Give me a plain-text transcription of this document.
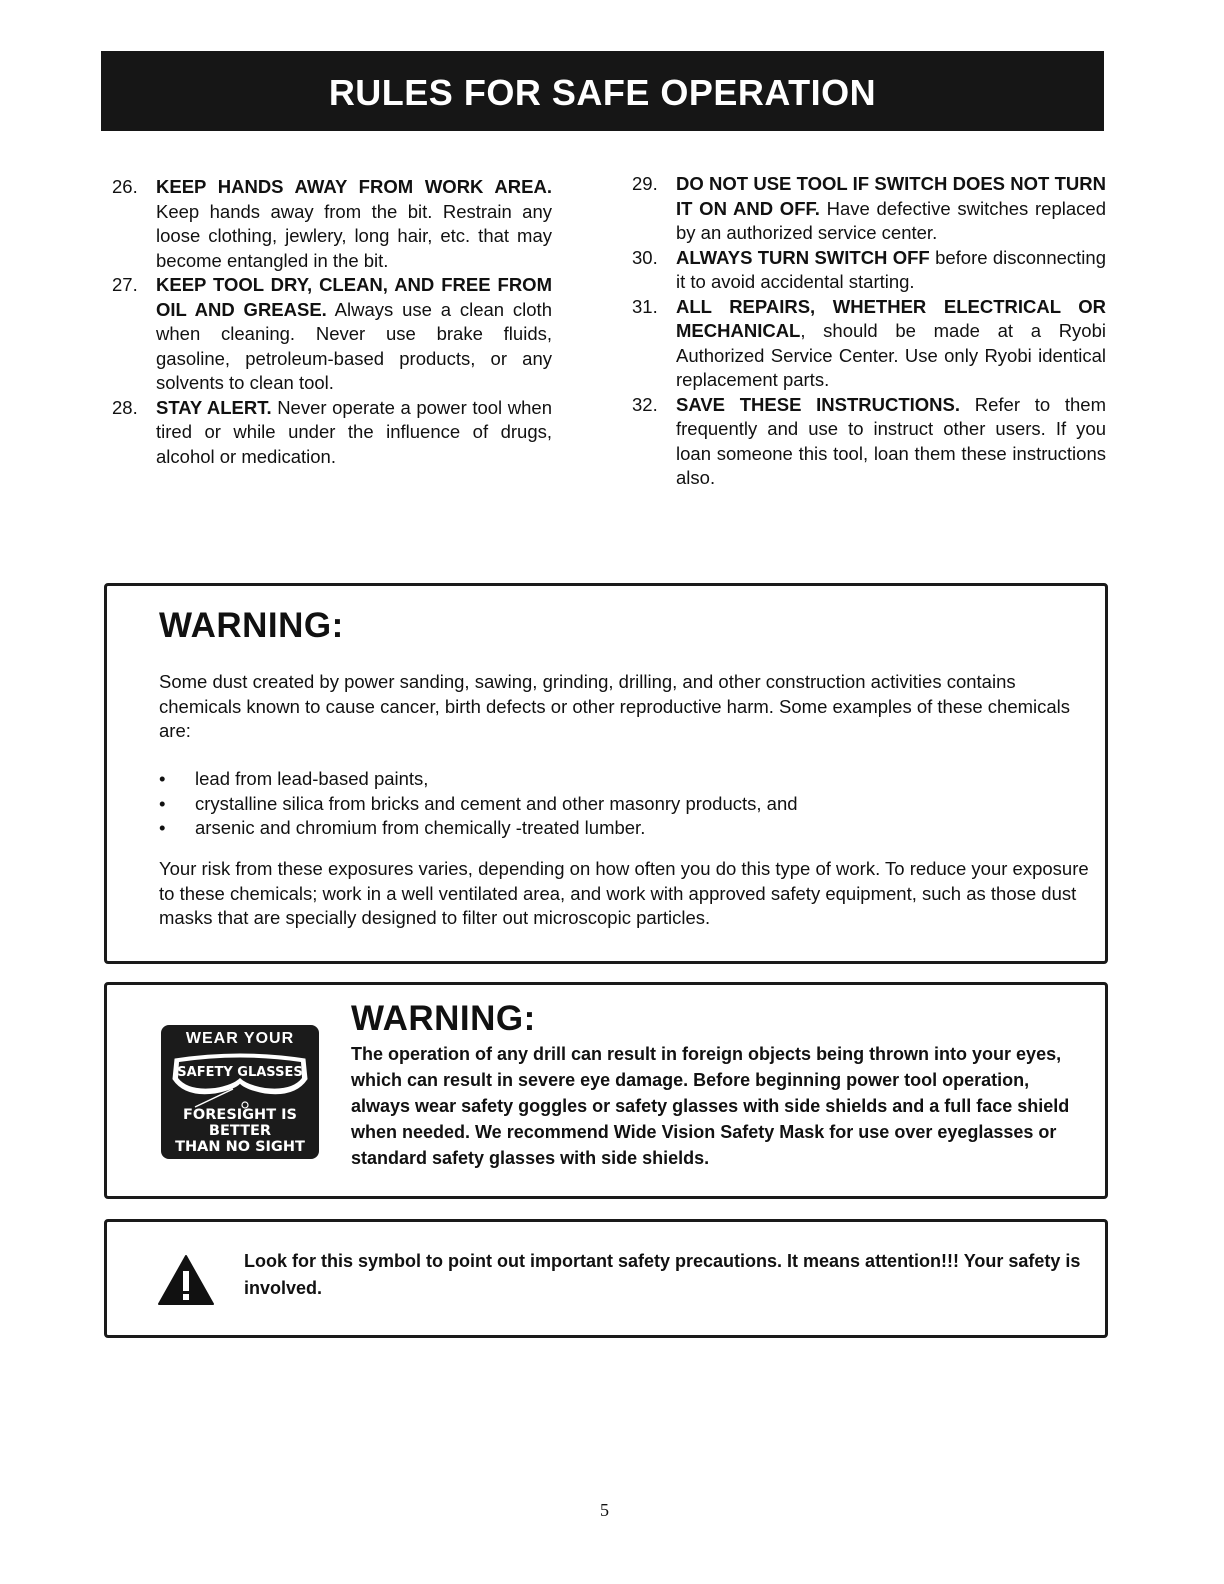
RULES FOR SAFE OPERATION
26. KEEP HANDS AWAY FROM WORK AREA. Keep hands away from the bit. Restrain any loose clothing, jewlery, long hair, etc. that may become entangled in the bit.
27. KEEP TOOL DRY, CLEAN, AND FREE FROM OIL AND GREASE. Always use a clean cloth when cleaning. Never use brake fluids, gasoline, petroleum-based products, or any solvents to clean tool.
28. STAY ALERT. Never operate a power tool when tired or while under the influence of drugs, alcohol or medication.
29. DO NOT USE TOOL IF SWITCH DOES NOT TURN IT ON AND OFF. Have defective switches replaced by an authorized service center.
30. ALWAYS TURN SWITCH OFF before disconnecting it to avoid accidental starting.
31. ALL REPAIRS, WHETHER ELECTRICAL OR MECHANICAL, should be made at a Ryobi Authorized Service Center. Use only Ryobi identical replacement parts.
32. SAVE THESE INSTRUCTIONS. Refer to them frequently and use to instruct other users. If you loan someone this tool, loan them these instructions also.
WARNING:

Some dust created by power sanding, sawing, grinding, drilling, and other construction activities contains chemicals known to cause cancer, birth defects or other reproductive harm. Some examples of these chemicals are:

•	lead from lead-based paints,
•	crystalline silica from bricks and cement and other masonry products, and
•	arsenic and chromium from chemically -treated lumber.

Your risk from these exposures varies, depending on how often you do this type of work. To reduce your exposure to these chemicals; work in a well ventilated area, and work with approved safety equipment, such as those dust masks that are specially designed to filter out microscopic particles.

WEAR YOUR
SAFETY GLASSES
FORESIGHT IS BETTER
THAN NO SIGHT
WARNING:

The operation of any drill can result in foreign objects being thrown into your eyes, which can result in severe eye damage. Before beginning power tool operation, always wear safety goggles or safety glasses with side shields and a full face shield when needed. We recommend Wide Vision Safety Mask for use over eyeglasses or standard safety glasses with side shields.

Look for this symbol to point out important safety precautions. It means attention!!! Your safety is involved.

5
